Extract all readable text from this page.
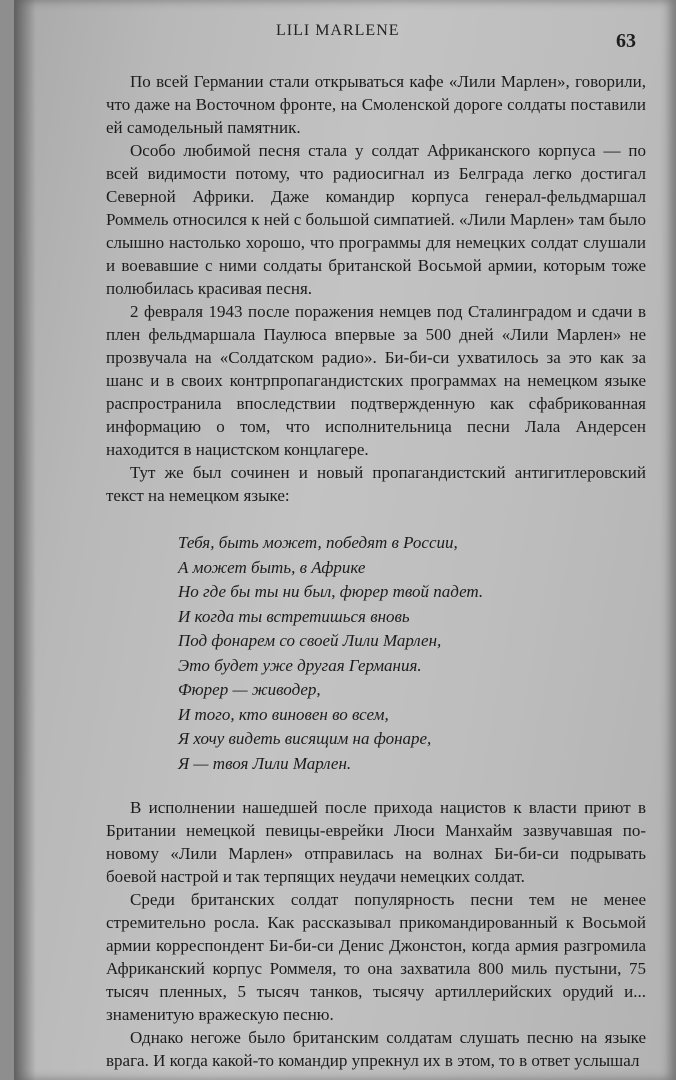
LILI MARLENE	63

По всей Германии стали открываться кафе «Лили Марлен», говорили, что даже на Восточном фронте, на Смоленской дороге солдаты поставили ей самодельный памятник.

Особо любимой песня стала у солдат Африканского корпуса — по всей видимости потому, что радиосигнал из Белграда легко достигал Северной Африки. Даже командир корпуса генерал-фельдмаршал Роммель относился к ней с большой симпатией. «Лили Марлен» там было слышно настолько хорошо, что программы для немецких солдат слушали и воевавшие с ними солдаты британской Восьмой армии, которым тоже полюбилась красивая песня.

2 февраля 1943 после поражения немцев под Сталинградом и сдачи в плен фельдмаршала Паулюса впервые за 500 дней «Лили Марлен» не прозвучала на «Солдатском радио». Би-би-си ухватилось за это как за шанс и в своих контрпропагандистских программах на немецком языке распространила впоследствии подтвержденную как сфабрикованная информацию о том, что исполнительница песни Лала Андерсен находится в нацистском концлагере.

Тут же был сочинен и новый пропагандистский антигитлеровский текст на немецком языке:

Тебя, быть может, победят в России,
А может быть, в Африке
Но где бы ты ни был, фюрер твой падет.
И когда ты встретишься вновь
Под фонарем со своей Лили Марлен,
Это будет уже другая Германия.
Фюрер — живодер,
И того, кто виновен во всем,
Я хочу видеть висящим на фонаре,
Я — твоя Лили Марлен.

В исполнении нашедшей после прихода нацистов к власти приют в Британии немецкой певицы-еврейки Люси Манхайм зазвучавшая по-новому «Лили Марлен» отправилась на волнах Би-би-си подрывать боевой настрой и так терпящих неудачи немецких солдат.

Среди британских солдат популярность песни тем не менее стремительно росла. Как рассказывал прикомандированный к Восьмой армии корреспондент Би-би-си Денис Джонстон, когда армия разгромила Африканский корпус Роммеля, то она захватила 800 миль пустыни, 75 тысяч пленных, 5 тысяч танков, тысячу артиллерийских орудий и... знаменитую вражескую песню.

Однако негоже было британским солдатам слушать песню на языке врага. И когда какой-то командир упрекнул их в этом, то в ответ услышал
